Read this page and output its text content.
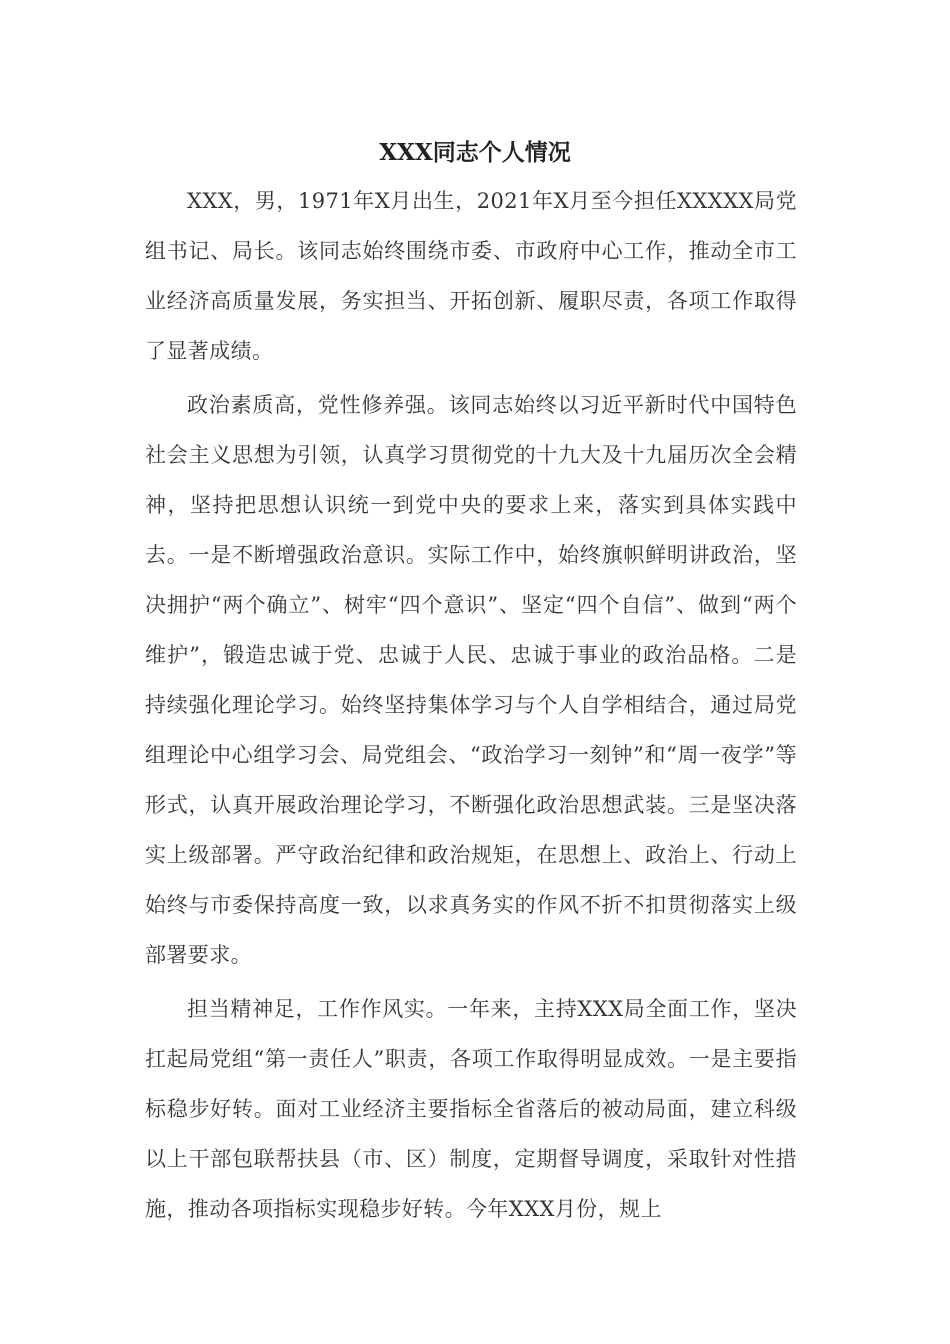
XXX同志个人情况

XXX，男，1971年X月出生，2021年X月至今担任XXXXX局党组书记、局长。该同志始终围绕市委、市政府中心工作，推动全市工业经济高质量发展，务实担当、开拓创新、履职尽责，各项工作取得了显著成绩。

政治素质高，党性修养强。该同志始终以习近平新时代中国特色社会主义思想为引领，认真学习贯彻党的十九大及十九届历次全会精神，坚持把思想认识统一到党中央的要求上来，落实到具体实践中去。一是不断增强政治意识。实际工作中，始终旗帜鲜明讲政治，坚决拥护“两个确立”、树牢“四个意识”、坚定“四个自信”、做到“两个维护”，锻造忠诚于党、忠诚于人民、忠诚于事业的政治品格。二是持续强化理论学习。始终坚持集体学习与个人自学相结合，通过局党组理论中心组学习会、局党组会、“政治学习一刻钟”和“周一夜学”等形式，认真开展政治理论学习，不断强化政治思想武装。三是坚决落实上级部署。严守政治纪律和政治规矩，在思想上、政治上、行动上始终与市委保持高度一致，以求真务实的作风不折不扣贯彻落实上级部署要求。

担当精神足，工作作风实。一年来，主持XXX局全面工作，坚决扛起局党组“第一责任人”职责，各项工作取得明显成效。一是主要指标稳步好转。面对工业经济主要指标全省落后的被动局面，建立科级以上干部包联帮扶县（市、区）制度，定期督导调度，采取针对性措施，推动各项指标实现稳步好转。今年XXX月份，规上
